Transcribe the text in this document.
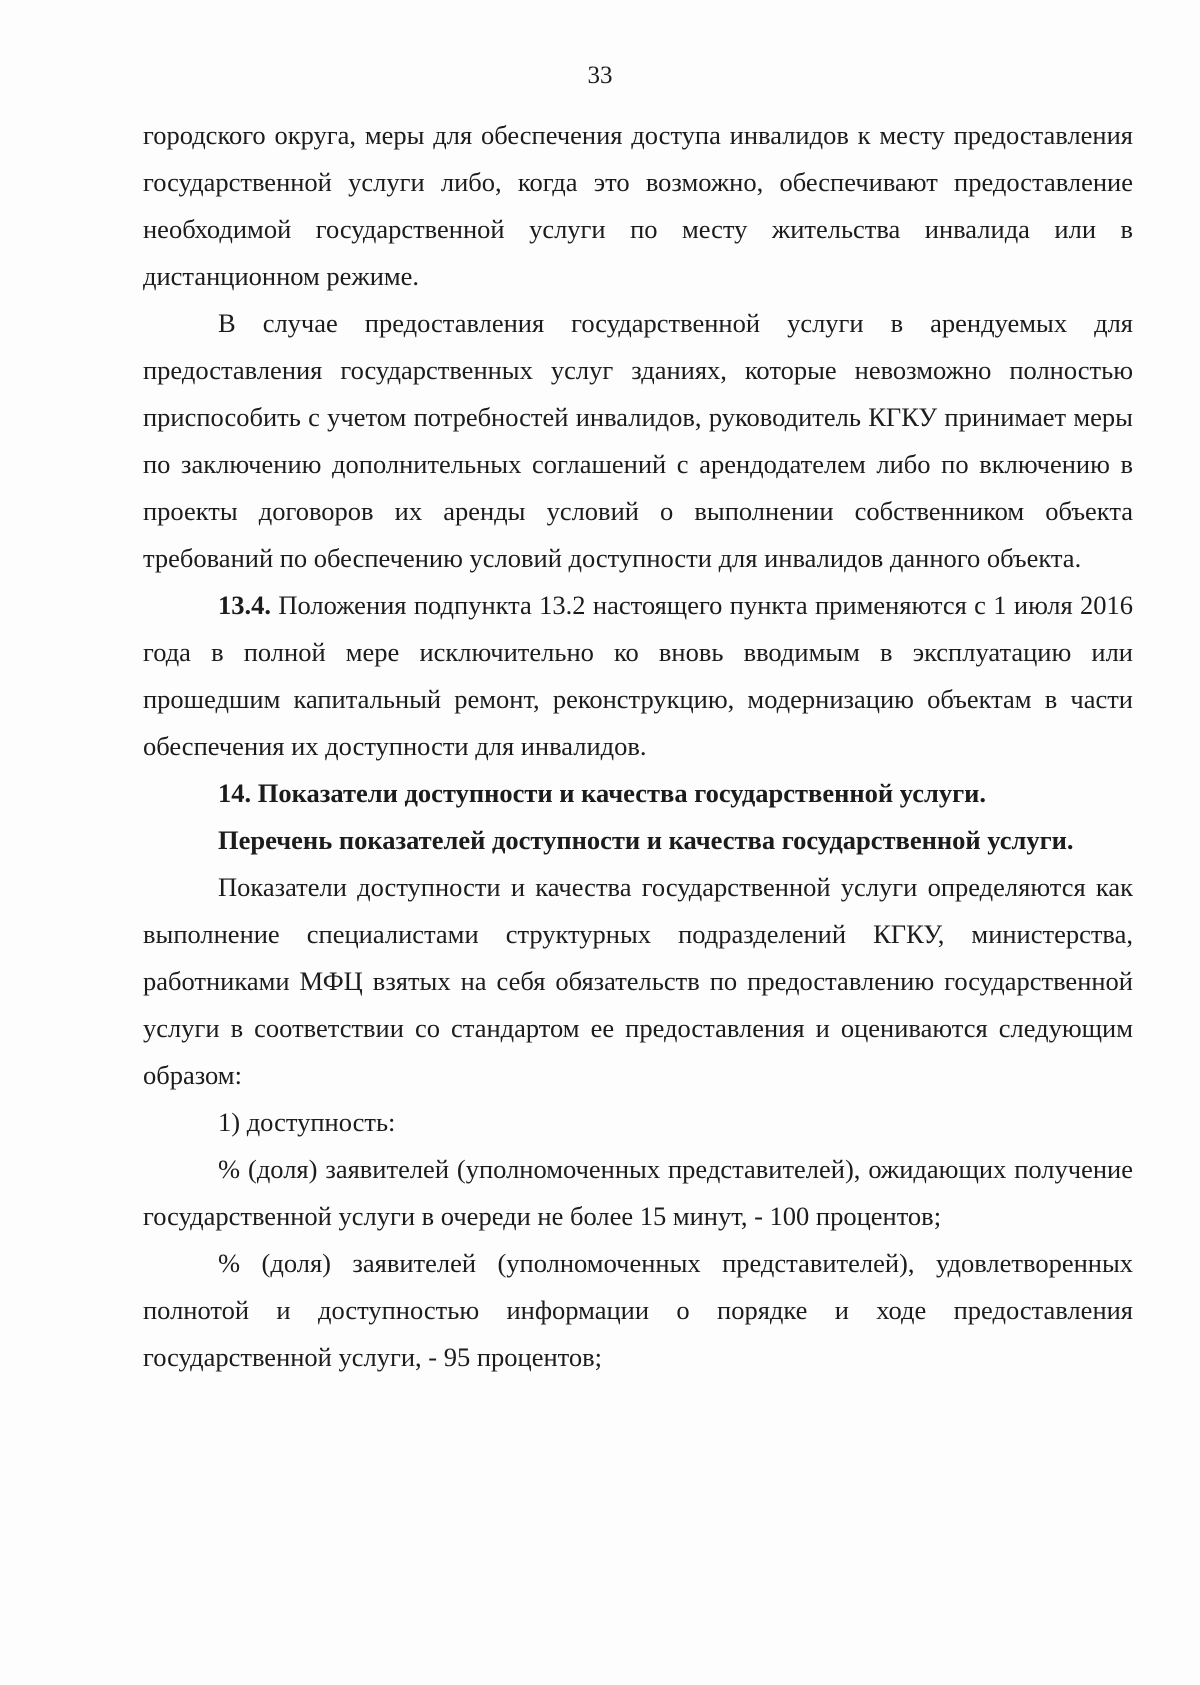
33

городского округа, меры для обеспечения доступа инвалидов к месту предоставления государственной услуги либо, когда это возможно, обеспечивают предоставление необходимой государственной услуги по месту жительства инвалида или в дистанционном режиме.

В случае предоставления государственной услуги в арендуемых для предоставления государственных услуг зданиях, которые невозможно полностью приспособить с учетом потребностей инвалидов, руководитель КГКУ принимает меры по заключению дополнительных соглашений с арендодателем либо по включению в проекты договоров их аренды условий о выполнении собственником объекта требований по обеспечению условий доступности для инвалидов данного объекта.

13.4. Положения подпункта 13.2 настоящего пункта применяются с 1 июля 2016 года в полной мере исключительно ко вновь вводимым в эксплуатацию или прошедшим капитальный ремонт, реконструкцию, модернизацию объектам в части обеспечения их доступности для инвалидов.

14. Показатели доступности и качества государственной услуги.

Перечень показателей доступности и качества государственной услуги.

Показатели доступности и качества государственной услуги определяются как выполнение специалистами структурных подразделений КГКУ, министерства, работниками МФЦ взятых на себя обязательств по предоставлению государственной услуги в соответствии со стандартом ее предоставления и оцениваются следующим образом:

1) доступность:

% (доля) заявителей (уполномоченных представителей), ожидающих получение государственной услуги в очереди не более 15 минут, - 100 процентов;

% (доля) заявителей (уполномоченных представителей), удовлетворенных полнотой и доступностью информации о порядке и ходе предоставления государственной услуги, - 95 процентов;
